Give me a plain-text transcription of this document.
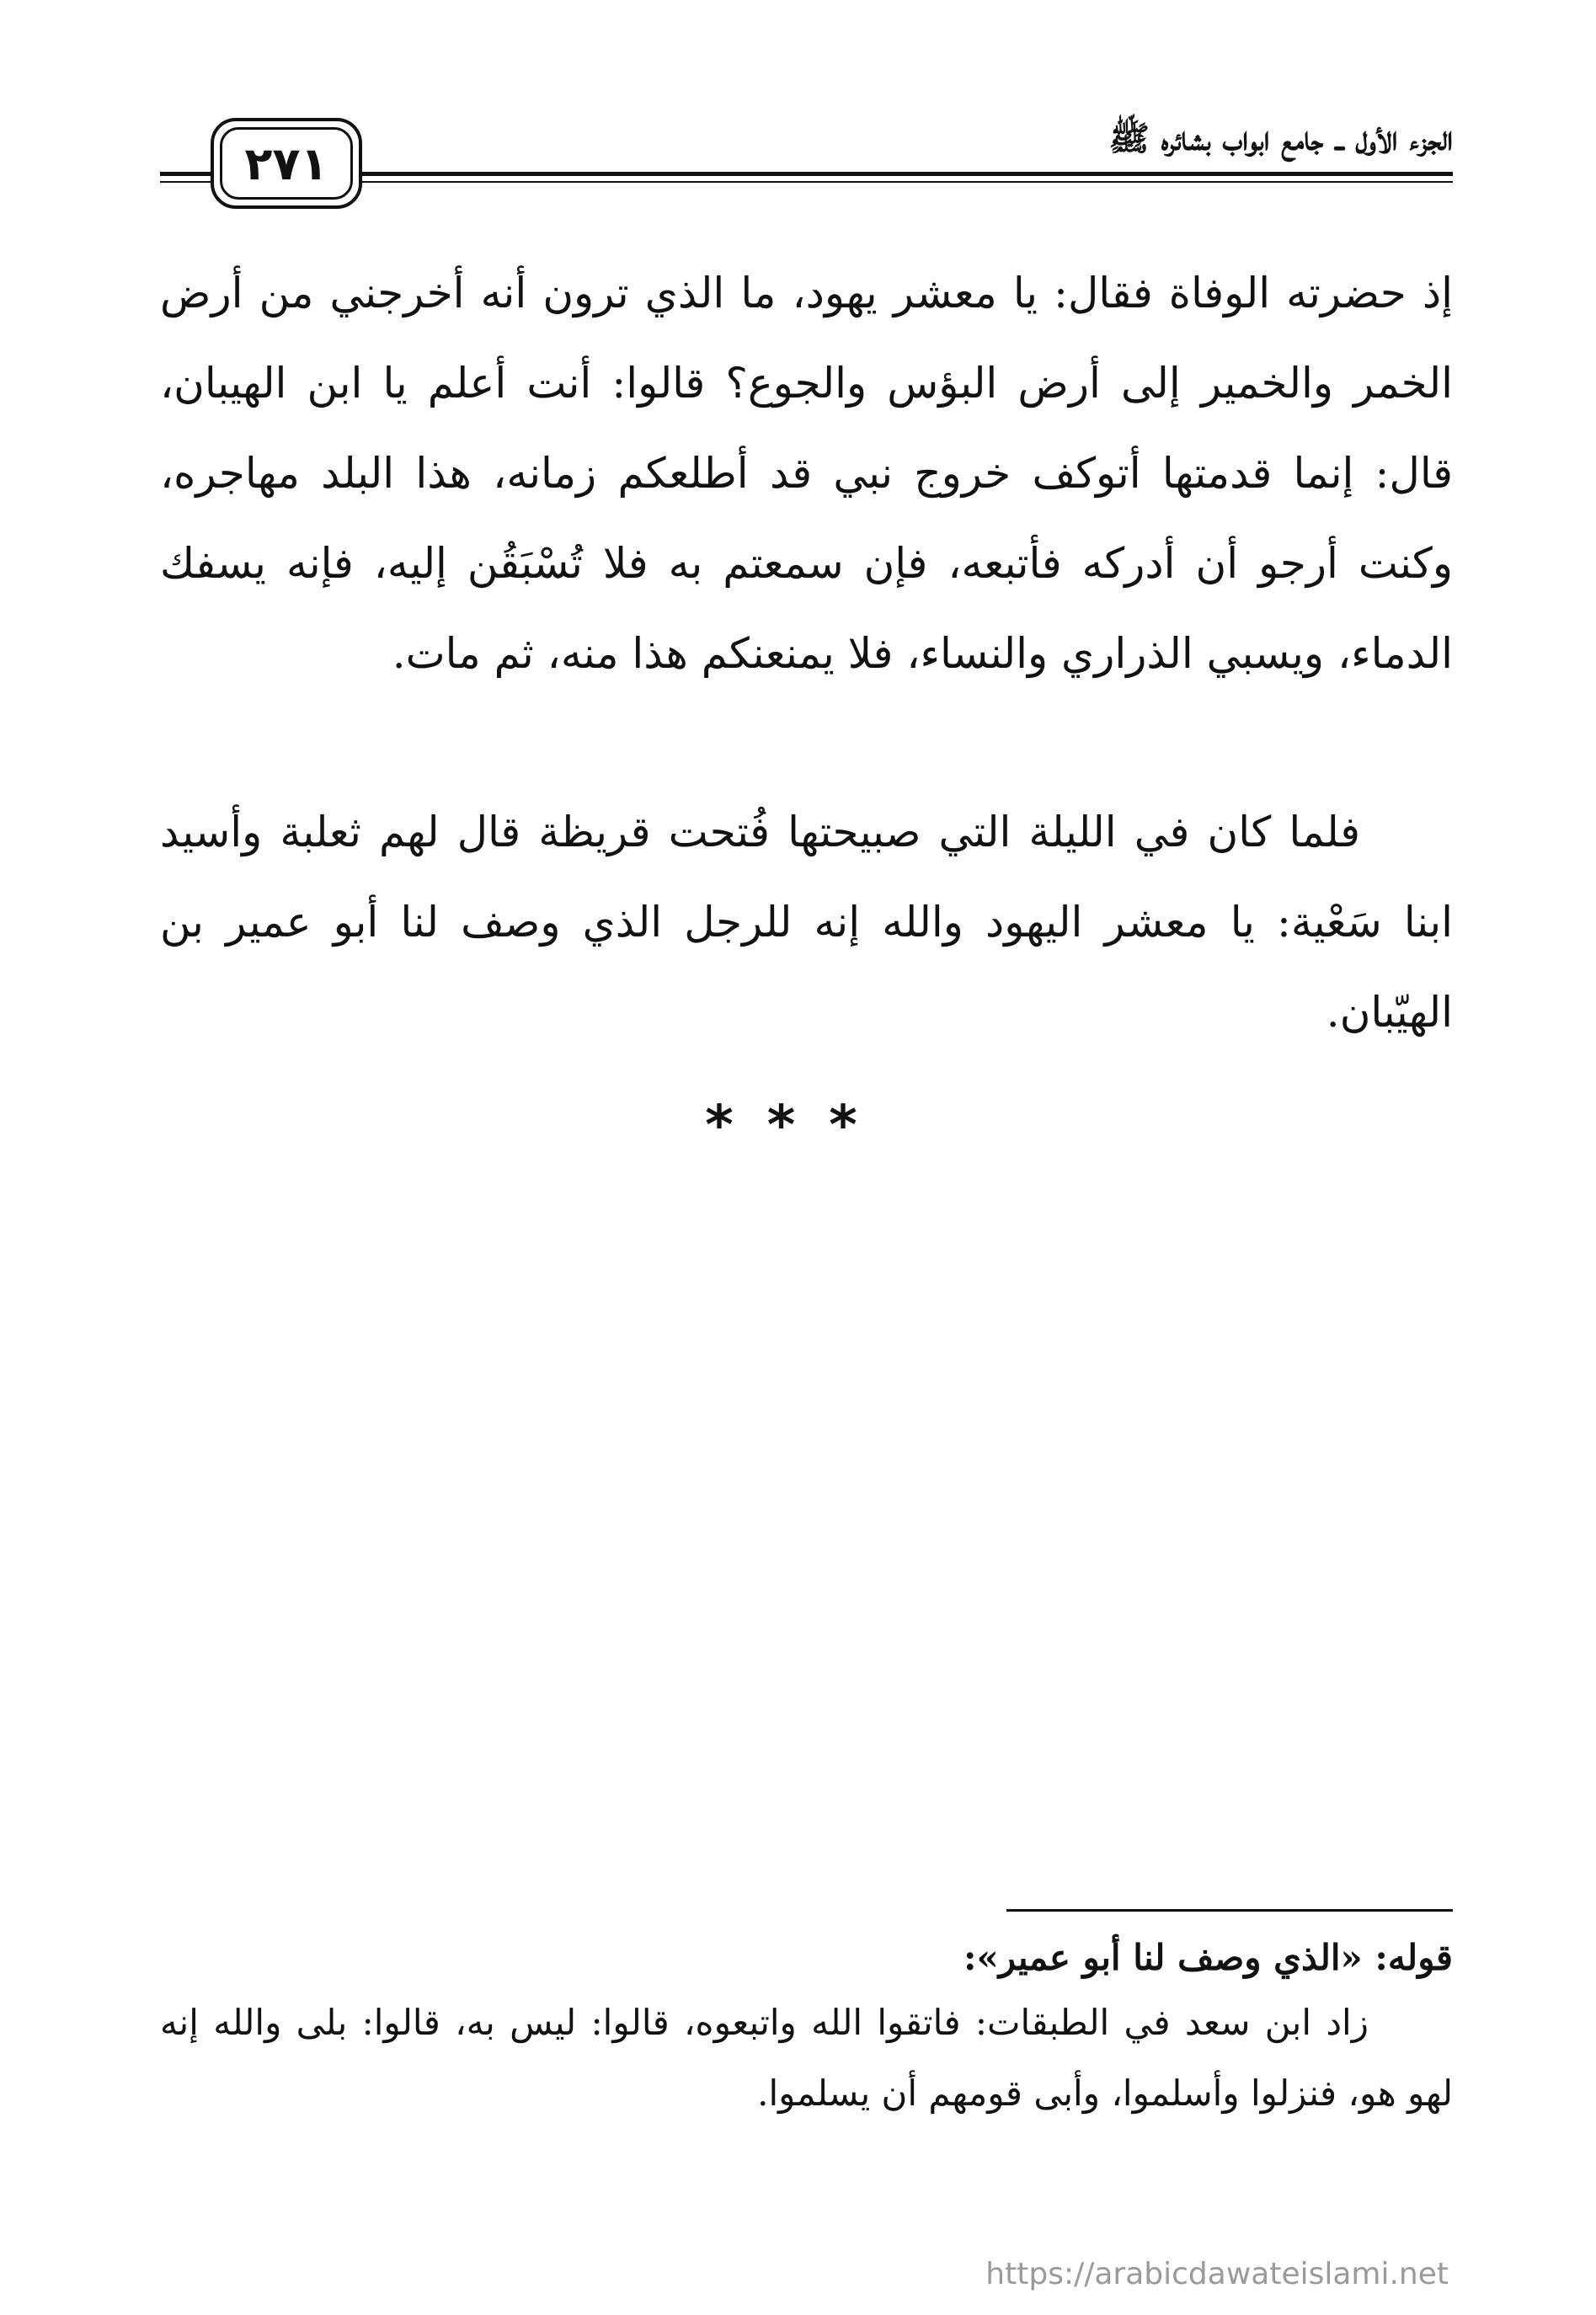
الجزء الأول ــ جامع ابواب بشائره ﷺ
٢٧١
إذ حضرته الوفاة فقال: يا معشر يهود، ما الذي ترون أنه أخرجني من أرض الخمر والخمير إلى أرض البؤس والجوع؟ قالوا: أنت أعلم يا ابن الهيبان، قال: إنما قدمتها أتوكف خروج نبي قد أطلعكم زمانه، هذا البلد مهاجره، وكنت أرجو أن أدركه فأتبعه، فإن سمعتم به فلا تُسْبَقُن إليه، فإنه يسفك الدماء، ويسبي الذراري والنساء، فلا يمنعنكم هذا منه، ثم مات.
فلما كان في الليلة التي صبيحتها فُتحت قريظة قال لهم ثعلبة وأسيد ابنا سَعْية: يا معشر اليهود والله إنه للرجل الذي وصف لنا أبو عمير بن الهيّبان.
***
قوله: «الذي وصف لنا أبو عمير»:
زاد ابن سعد في الطبقات: فاتقوا الله واتبعوه، قالوا: ليس به، قالوا: بلى والله إنه لهو هو، فنزلوا وأسلموا، وأبى قومهم أن يسلموا.
https://arabicdawateislami.net
